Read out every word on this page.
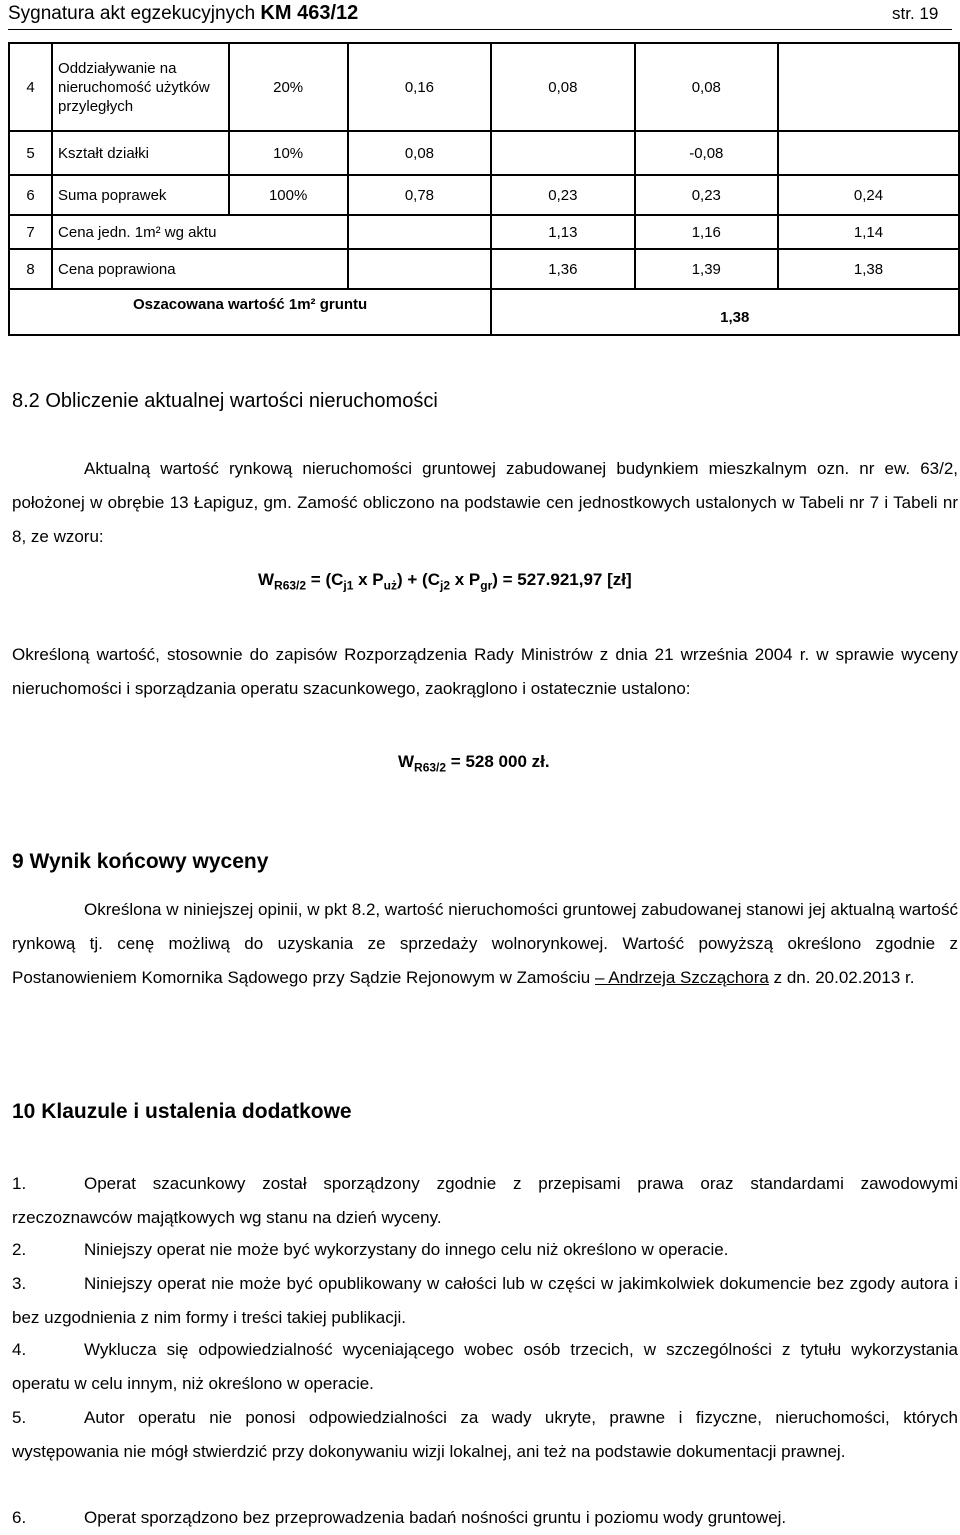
Sygnatura akt egzekucyjnych KM 463/12	str. 19
4	Oddziaływanie na nieruchomość użytków przyległych	20%	0,16	0,08	0,08	
5	Kształt działki	10%	0,08		-0,08	
6	Suma poprawek	100%	0,78	0,23	0,23	0,24
7	Cena jedn. 1m² wg aktu			1,13	1,16	1,14
8	Cena poprawiona			1,36	1,39	1,38
Oszacowana wartość 1m² gruntu				1,38		
8.2 Obliczenie aktualnej wartości nieruchomości
Aktualną wartość rynkową nieruchomości gruntowej zabudowanej budynkiem mieszkalnym ozn. nr ew. 63/2, położonej w obrębie 13 Łapiguz, gm. Zamość obliczono na podstawie cen jednostkowych ustalonych w Tabeli nr 7 i Tabeli nr 8, ze wzoru:
$W_{R63/2} = (C_{j1}$ x $P_{uż}) + (C_{j2}$ x $P_{gr}) = 527.921,97$ [zł]
Określoną wartość, stosownie do zapisów Rozporządzenia Rady Ministrów z dnia 21 września 2004 r. w sprawie wyceny nieruchomości i sporządzania operatu szacunkowego, zaokrąglono i ostatecznie ustalono:
$W_{R63/2} = 528$ 000 zł.
9 Wynik końcowy wyceny
Określona w niniejszej opinii, w pkt 8.2, wartość nieruchomości gruntowej zabudowanej stanowi jej aktualną wartość rynkową tj. cenę możliwą do uzyskania ze sprzedaży wolnorynkowej. Wartość powyższą określono zgodnie z Postanowieniem Komornika Sądowego przy Sądzie Rejonowym w Zamościu – Andrzeja Szcząchora z dn. 20.02.2013 r.
10 Klauzule i ustalenia dodatkowe
1.	Operat szacunkowy został sporządzony zgodnie z przepisami prawa oraz standardami zawodowymi rzeczoznawców majątkowych wg stanu na dzień wyceny.
2.	Niniejszy operat nie może być wykorzystany do innego celu niż określono w operacie.
3.	Niniejszy operat nie może być opublikowany w całości lub w części w jakimkolwiek dokumencie bez zgody autora i bez uzgodnienia z nim formy i treści takiej publikacji.
4.	Wyklucza się odpowiedzialność wyceniającego wobec osób trzecich, w szczególności z tytułu wykorzystania operatu w celu innym, niż określono w operacie.
5.	Autor operatu nie ponosi odpowiedzialności za wady ukryte, prawne i fizyczne, nieruchomości, których występowania nie mógł stwierdzić przy dokonywaniu wizji lokalnej, ani też na podstawie dokumentacji prawnej.
6.	Operat sporządzono bez przeprowadzenia badań nośności gruntu i poziomu wody gruntowej.
